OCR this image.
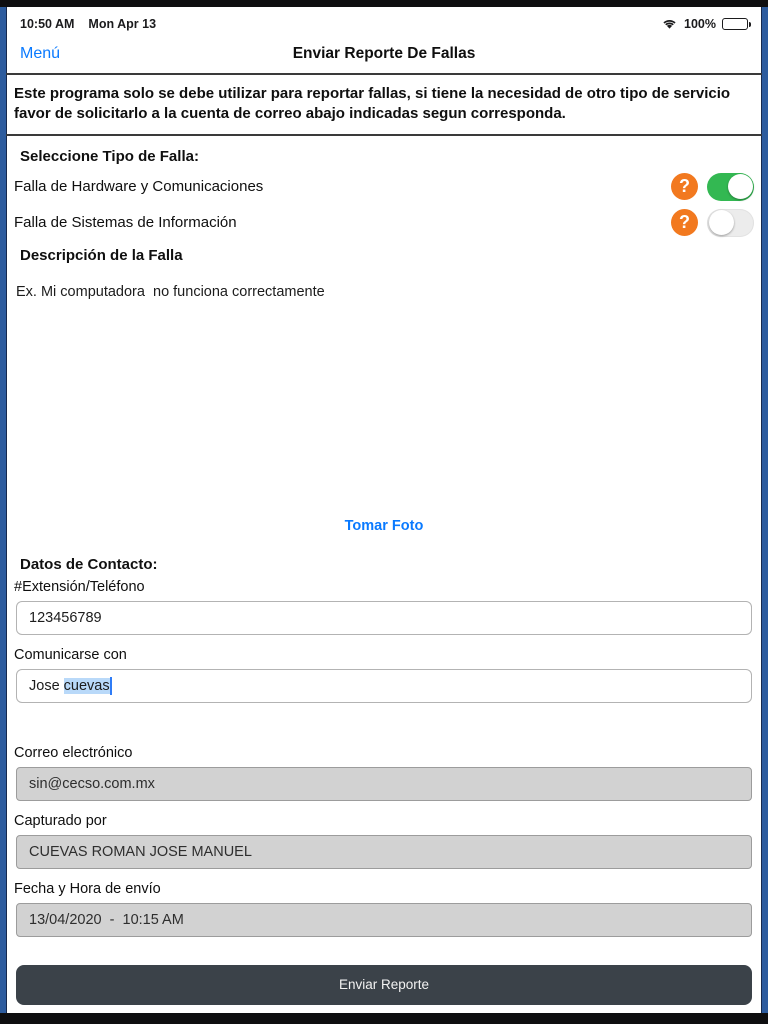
10:50 AM Mon Apr 13	100%
Menú	Enviar Reporte De Fallas
Este programa solo se debe utilizar para reportar fallas, si tiene la necesidad de otro tipo de servicio favor de solicitarlo a la cuenta de correo abajo indicadas segun corresponda.
Seleccione Tipo de Falla:
Falla de Hardware y Comunicaciones	?
Falla de Sistemas de Información	?
Descripción de la Falla
Ex. Mi computadora  no funciona correctamente
Tomar Foto
Datos de Contacto:
#Extensión/Teléfono
123456789
Comunicarse con
Jose cuevas
Correo electrónico
sin@cecso.com.mx
Capturado por
CUEVAS ROMAN JOSE MANUEL
Fecha y Hora de envío
13/04/2020  -  10:15 AM
Enviar Reporte
